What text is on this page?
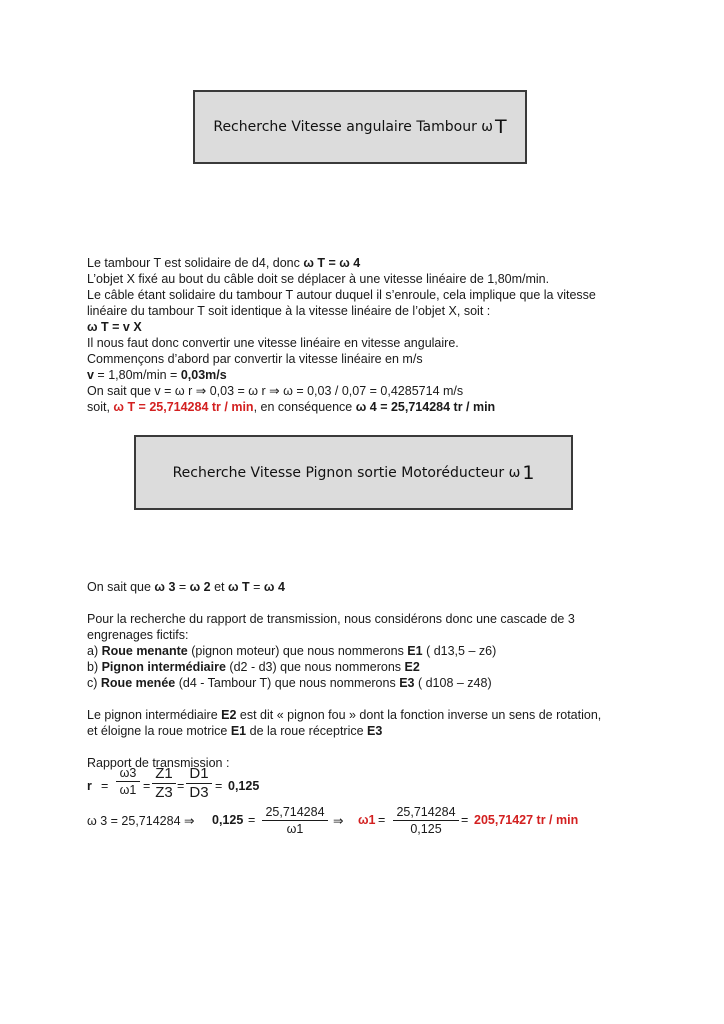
Recherche Vitesse angulaire Tambour ω T
Le tambour T est solidaire de d4, donc ω T = ω 4
L’objet X fixé au bout du câble doit se déplacer à une vitesse linéaire de 1,80m/min.
Le câble étant solidaire du tambour T autour duquel il s’enroule, cela implique que la vitesse
linéaire du tambour T soit identique à la vitesse linéaire de l’objet X, soit :
ω T = v X
Il nous faut donc convertir une vitesse linéaire en vitesse angulaire.
Commençons d’abord par convertir la vitesse linéaire en m/s
v = 1,80m/min = 0,03m/s
On sait que v = ω r ⇒ 0,03 = ω r ⇒ ω = 0,03 / 0,07 = 0,4285714 m/s
soit, ω T = 25,714284 tr / min, en conséquence ω 4 = 25,714284 tr / min
Recherche Vitesse Pignon sortie Motoréducteur ω 1
On sait que ω 3 = ω 2 et ω T = ω 4
Pour la recherche du rapport de transmission, nous considérons donc une cascade de 3
engrenages fictifs:
a) Roue menante (pignon moteur) que nous nommerons E1 ( d13,5 – z6)
b) Pignon intermédiaire (d2 - d3) que nous nommerons E2
c) Roue menée (d4 - Tambour T) que nous nommerons E3 ( d108 – z48)
Le pignon intermédiaire E2 est dit « pignon fou » dont la fonction inverse un sens de rotation,
et éloigne la roue motrice E1 de la roue réceptrice E3
Rapport de transmission :
r =
ω3
ω1 =
Z1
Z3 =
D1
D3 = 0,125
ω 3 = 25,714284 ⇒ 0,125 =
25,714284
ω1
⇒ ω1 =
25,714284
0,125
= 205,71427 tr / min
